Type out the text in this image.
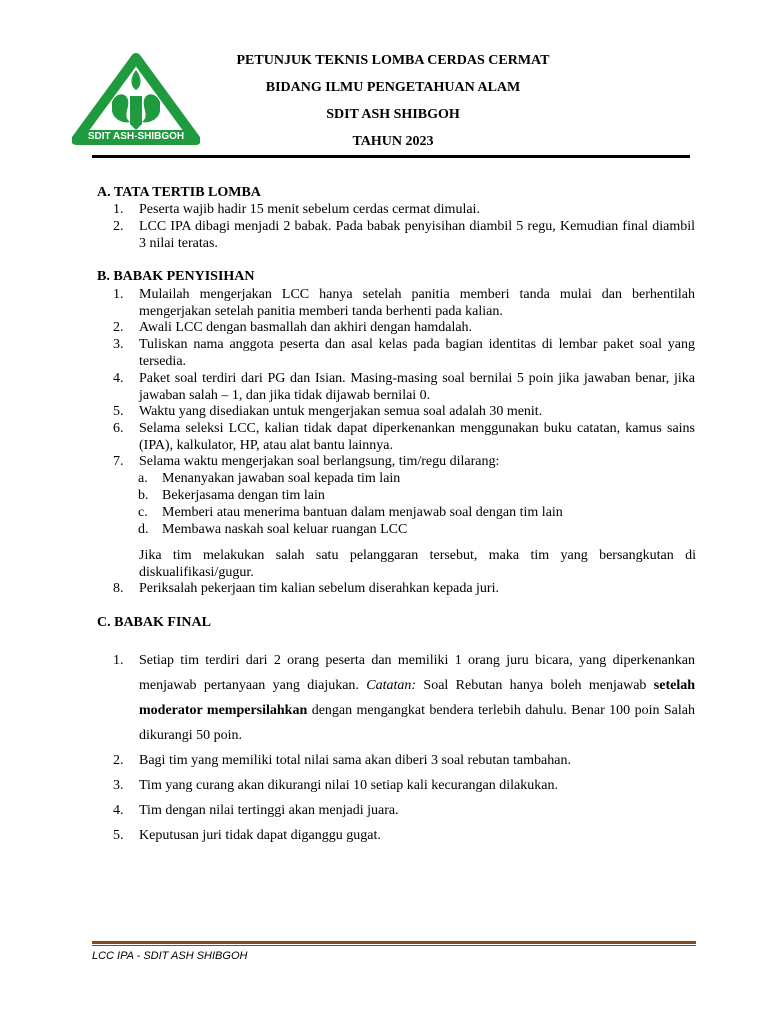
SDIT ASH-SHIBGOH
PETUNJUK TEKNIS LOMBA CERDAS CERMAT
BIDANG ILMU PENGETAHUAN ALAM
SDIT ASH SHIBGOH
TAHUN 2023
A. TATA TERTIB LOMBA
1. Peserta wajib hadir 15 menit sebelum cerdas cermat dimulai.
2. LCC IPA dibagi menjadi 2 babak. Pada babak penyisihan diambil 5 regu, Kemudian final diambil 3 nilai teratas.
B. BABAK PENYISIHAN
1. Mulailah mengerjakan LCC hanya setelah panitia memberi tanda mulai dan berhentilah mengerjakan setelah panitia memberi tanda berhenti pada kalian.
2. Awali LCC dengan basmallah dan akhiri dengan hamdalah.
3. Tuliskan nama anggota peserta dan asal kelas pada bagian identitas di lembar paket soal yang tersedia.
4. Paket soal terdiri dari PG dan Isian. Masing-masing soal bernilai 5 poin jika jawaban benar, jika jawaban salah – 1, dan jika tidak dijawab bernilai 0.
5. Waktu yang disediakan untuk mengerjakan semua soal adalah 30 menit.
6. Selama seleksi LCC, kalian tidak dapat diperkenankan menggunakan buku catatan, kamus sains (IPA), kalkulator, HP, atau alat bantu lainnya.
7. Selama waktu mengerjakan soal berlangsung, tim/regu dilarang:
a. Menanyakan jawaban soal kepada tim lain
b. Bekerjasama dengan tim lain
c. Memberi atau menerima bantuan dalam menjawab soal dengan tim lain
d. Membawa naskah soal keluar ruangan LCC
Jika tim melakukan salah satu pelanggaran tersebut, maka tim yang bersangkutan di diskualifikasi/gugur.
8. Periksalah pekerjaan tim kalian sebelum diserahkan kepada juri.
C. BABAK FINAL
1. Setiap tim terdiri dari 2 orang peserta dan memiliki 1 orang juru bicara, yang diperkenankan menjawab pertanyaan yang diajukan. Catatan: Soal Rebutan hanya boleh menjawab setelah moderator mempersilahkan dengan mengangkat bendera terlebih dahulu. Benar 100 poin Salah dikurangi 50 poin.
2. Bagi tim yang memiliki total nilai sama akan diberi 3 soal rebutan tambahan.
3. Tim yang curang akan dikurangi nilai 10 setiap kali kecurangan dilakukan.
4. Tim dengan nilai tertinggi akan menjadi juara.
5. Keputusan juri tidak dapat diganggu gugat.
LCC IPA - SDIT ASH SHIBGOH
